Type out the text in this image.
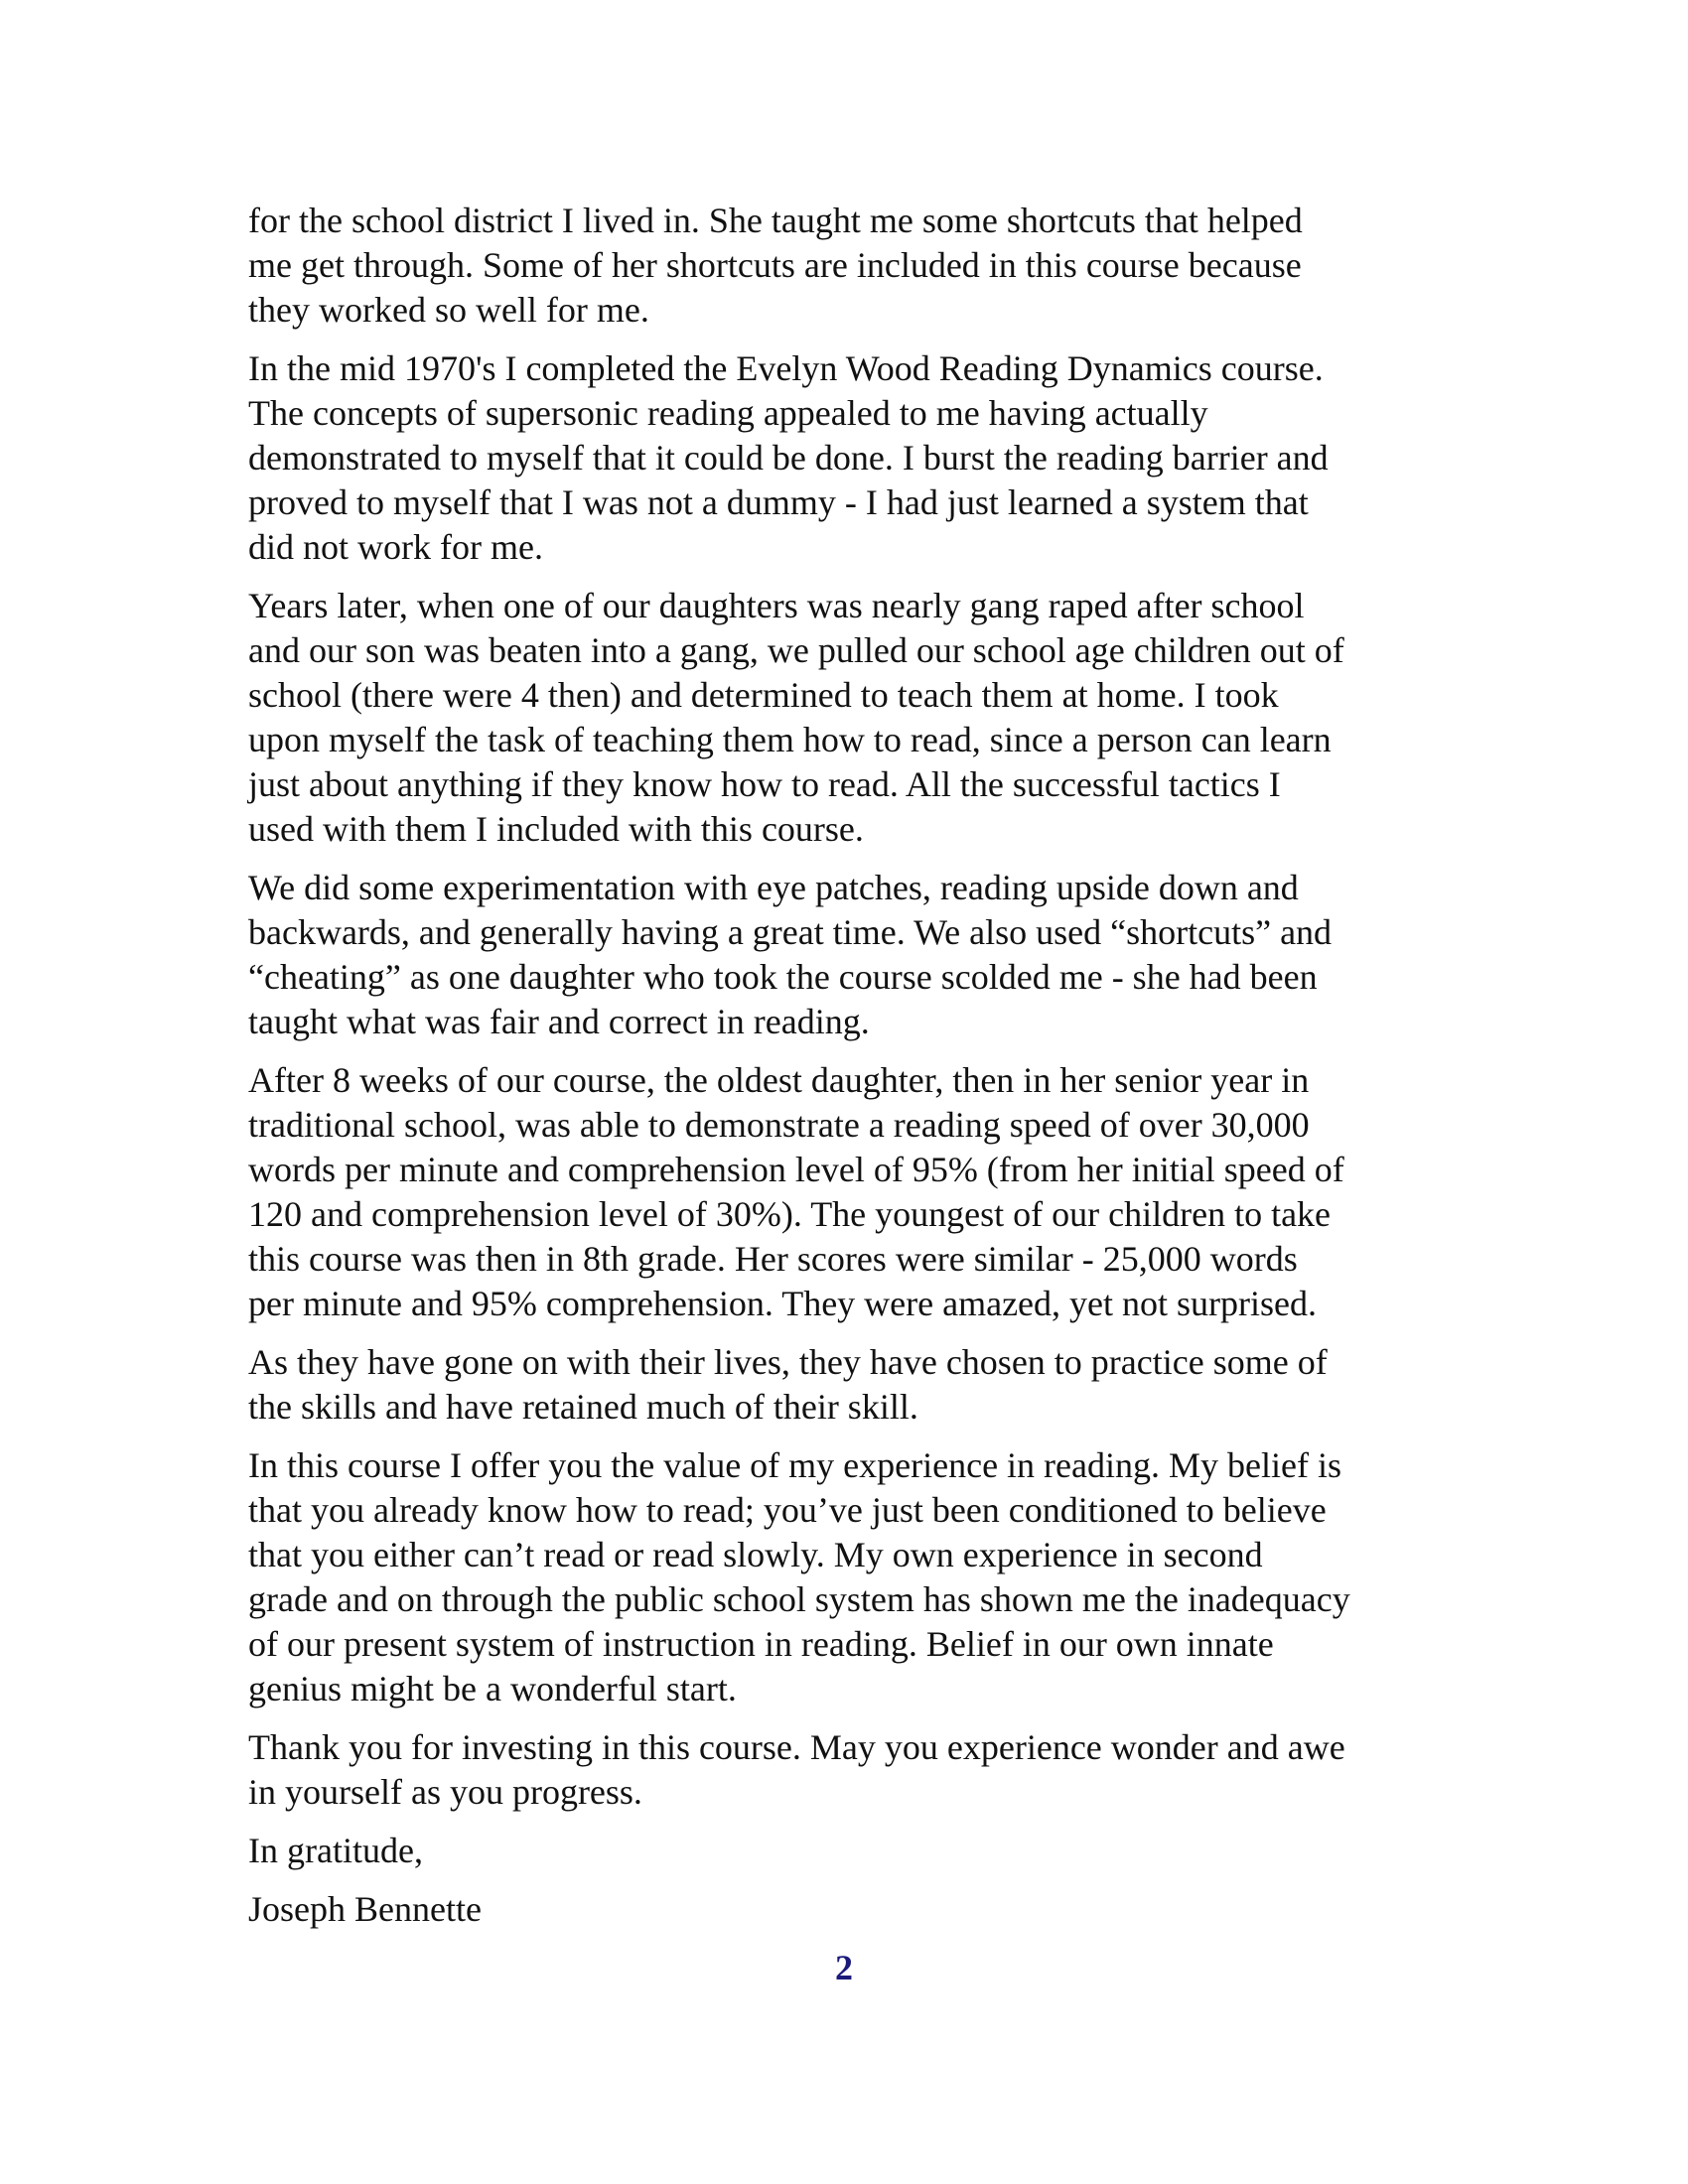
for the school district I lived in. She taught me some shortcuts that helped
me get through. Some of her shortcuts are included in this course because
they worked so well for me.

In the mid 1970's I completed the Evelyn Wood Reading Dynamics course.
The concepts of supersonic reading appealed to me having actually
demonstrated to myself that it could be done. I burst the reading barrier and
proved to myself that I was not a dummy - I had just learned a system that
did not work for me.

Years later, when one of our daughters was nearly gang raped after school
and our son was beaten into a gang, we pulled our school age children out of
school (there were 4 then) and determined to teach them at home. I took
upon myself the task of teaching them how to read, since a person can learn
just about anything if they know how to read. All the successful tactics I
used with them I included with this course.

We did some experimentation with eye patches, reading upside down and
backwards, and generally having a great time. We also used “shortcuts” and
“cheating” as one daughter who took the course scolded me - she had been
taught what was fair and correct in reading.

After 8 weeks of our course, the oldest daughter, then in her senior year in
traditional school, was able to demonstrate a reading speed of over 30,000
words per minute and comprehension level of 95% (from her initial speed of
120 and comprehension level of 30%). The youngest of our children to take
this course was then in 8th grade. Her scores were similar - 25,000 words
per minute and 95% comprehension. They were amazed, yet not surprised.

As they have gone on with their lives, they have chosen to practice some of
the skills and have retained much of their skill.

In this course I offer you the value of my experience in reading. My belief is
that you already know how to read; you’ve just been conditioned to believe
that you either can’t read or read slowly. My own experience in second
grade and on through the public school system has shown me the inadequacy
of our present system of instruction in reading. Belief in our own innate
genius might be a wonderful start.

Thank you for investing in this course. May you experience wonder and awe
in yourself as you progress.

In gratitude,

Joseph Bennette

2
